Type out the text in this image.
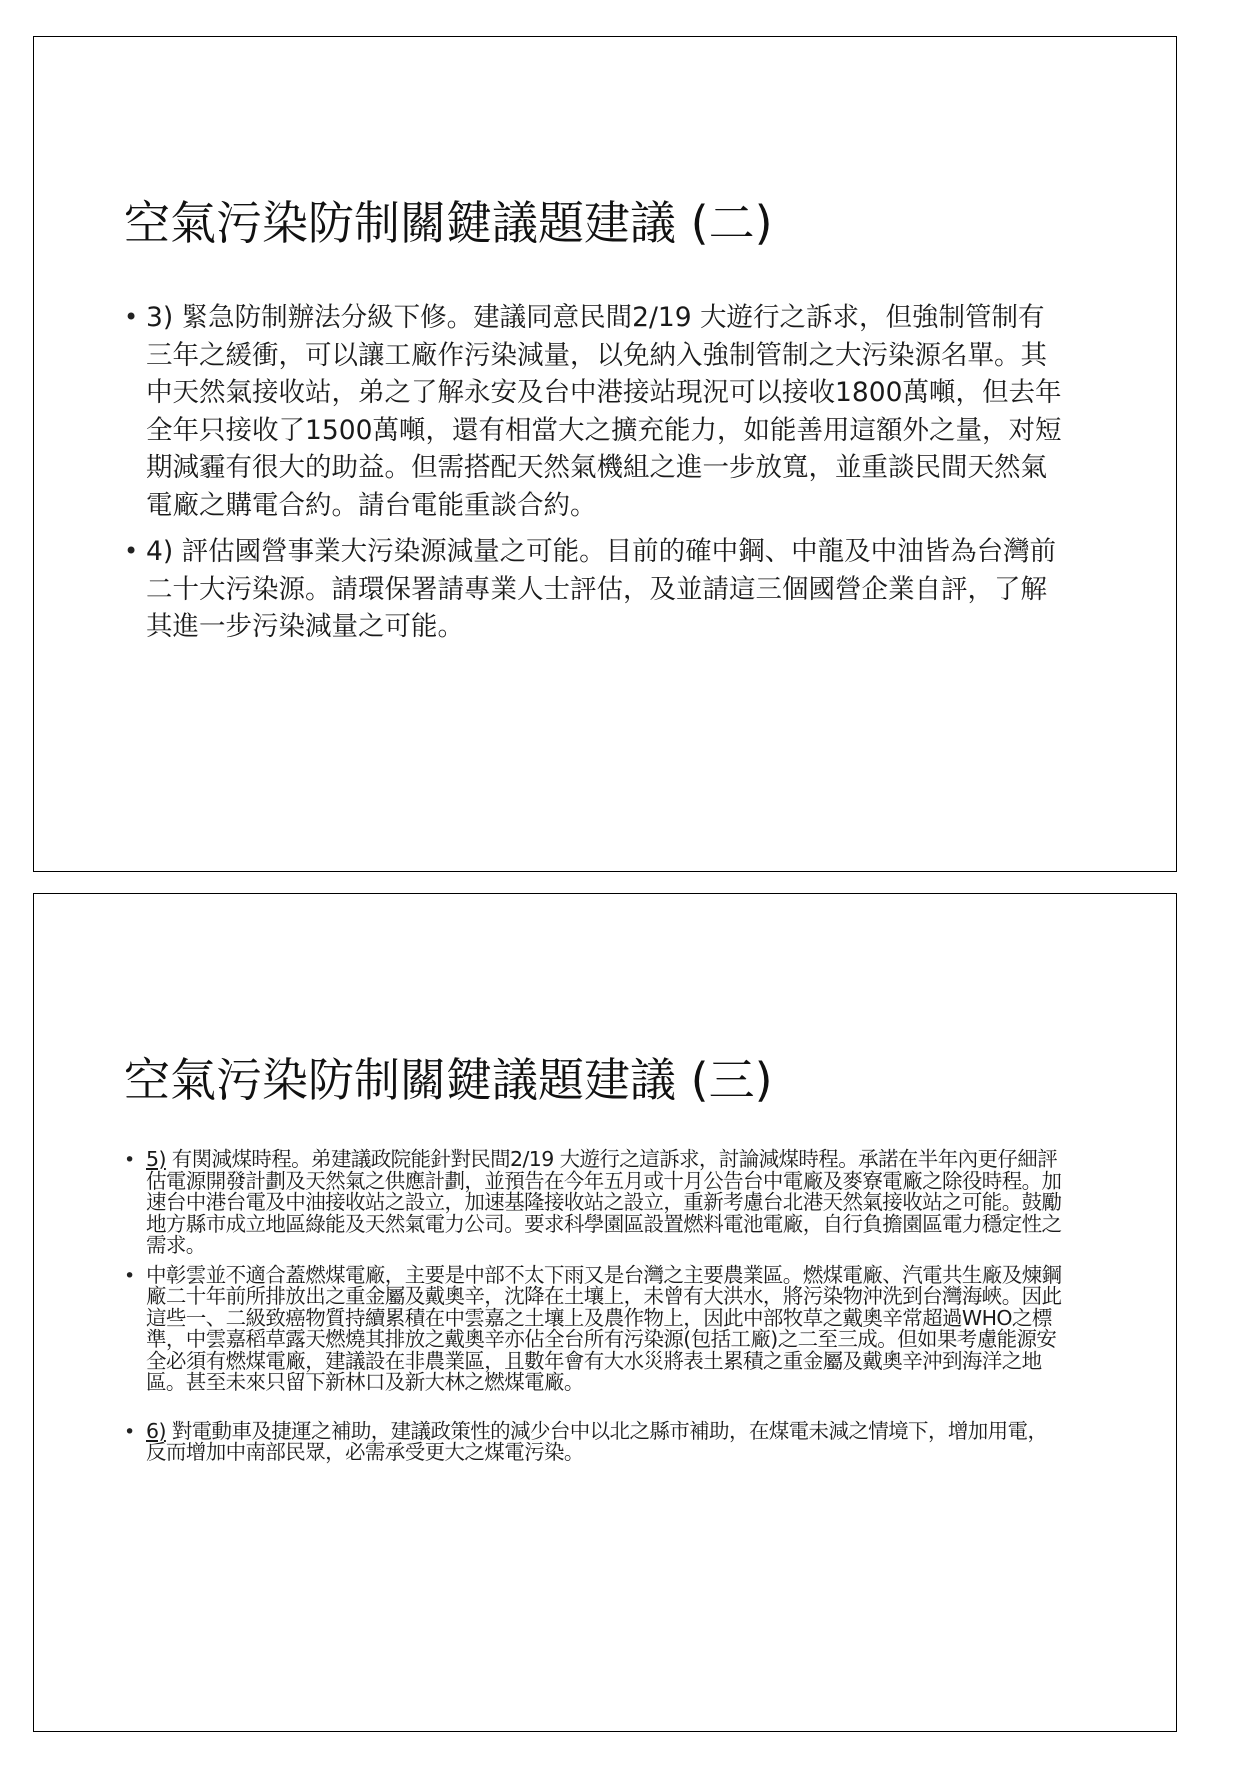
空氣污染防制關鍵議題建議 (二)
• 3) 緊急防制辦法分級下修。建議同意民間2/19 大遊行之訴求，但強制管制有三年之緩衝，可以讓工廠作污染減量，以免納入強制管制之大污染源名單。其中天然氣接收站，弟之了解永安及台中港接站現況可以接收1800萬噸，但去年全年只接收了1500萬噸，還有相當大之擴充能力，如能善用這額外之量，对短期減霾有很大的助益。但需搭配天然氣機組之進一步放寬，並重談民間天然氣電廠之購電合約。請台電能重談合約。
• 4) 評估國營事業大污染源減量之可能。目前的確中鋼、中龍及中油皆為台灣前二十大污染源。請環保署請專業人士評估，及並請這三個國營企業自評，了解其進一步污染減量之可能。
空氣污染防制關鍵議題建議 (三)
• 5) 有関減煤時程。弟建議政院能針對民間2/19 大遊行之這訴求，討論減煤時程。承諾在半年內更仔細評估電源開發計劃及天然氣之供應計劃，並預告在今年五月或十月公告台中電廠及麥寮電廠之除役時程。加速台中港台電及中油接收站之設立，加速基隆接收站之設立，重新考慮台北港天然氣接收站之可能。鼓勵地方縣市成立地區綠能及天然氣電力公司。要求科學園區設置燃料電池電廠，自行負擔園區電力穩定性之需求。
• 中彰雲並不適合蓋燃煤電廠，主要是中部不太下雨又是台灣之主要農業區。燃煤電廠、汽電共生廠及煉鋼廠二十年前所排放出之重金屬及戴奧辛，沈降在土壤上，未曾有大洪水，將污染物沖洗到台灣海峽。因此這些一、二級致癌物質持續累積在中雲嘉之土壤上及農作物上，因此中部牧草之戴奧辛常超過WHO之標準，中雲嘉稻草露天燃燒其排放之戴奧辛亦佔全台所有污染源(包括工廠)之二至三成。但如果考慮能源安全必須有燃煤電廠，建議設在非農業區，且數年會有大水災將表土累積之重金屬及戴奧辛沖到海洋之地區。甚至未來只留下新林口及新大林之燃煤電廠。
• 6) 對電動車及捷運之補助，建議政策性的減少台中以北之縣市補助，在煤電未減之情境下，增加用電，反而增加中南部民眾，必需承受更大之煤電污染。
